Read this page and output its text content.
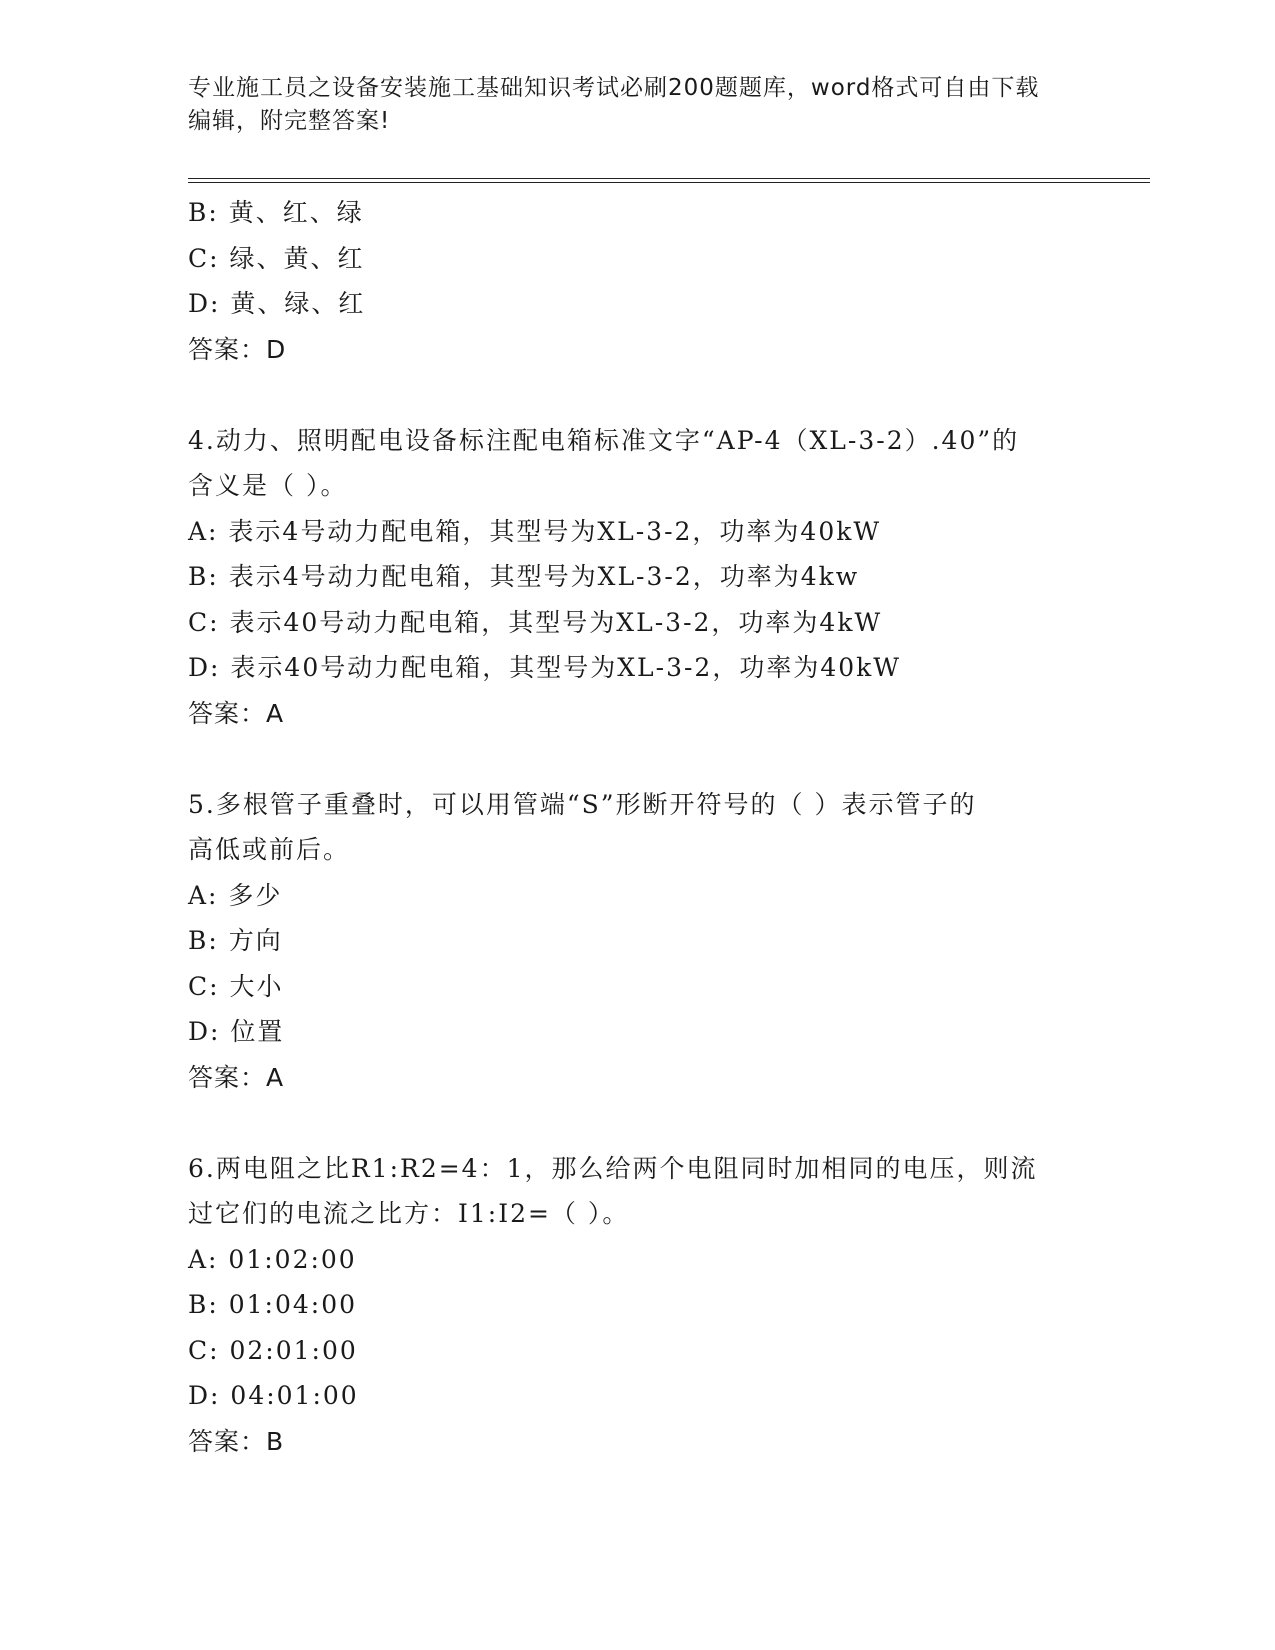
专业施工员之设备安装施工基础知识考试必刷200题题库，word格式可自由下载
编辑，附完整答案!
B: 黄、红、绿
C: 绿、黄、红
D: 黄、绿、红
答案：D
4.动力、照明配电设备标注配电箱标准文字“AP-4（XL-3-2）.40”的
含义是（ ）。
A: 表示4号动力配电箱，其型号为XL-3-2，功率为40kW
B: 表示4号动力配电箱，其型号为XL-3-2，功率为4kw
C: 表示40号动力配电箱，其型号为XL-3-2，功率为4kW
D: 表示40号动力配电箱，其型号为XL-3-2，功率为40kW
答案：A
5.多根管子重叠时，可以用管端“S”形断开符号的（ ）表示管子的
高低或前后。
A: 多少
B: 方向
C: 大小
D: 位置
答案：A
6.两电阻之比R1:R2=4：1，那么给两个电阻同时加相同的电压，则流
过它们的电流之比方：I1:I2=（ ）。
A: 01:02:00
B: 01:04:00
C: 02:01:00
D: 04:01:00
答案：B
